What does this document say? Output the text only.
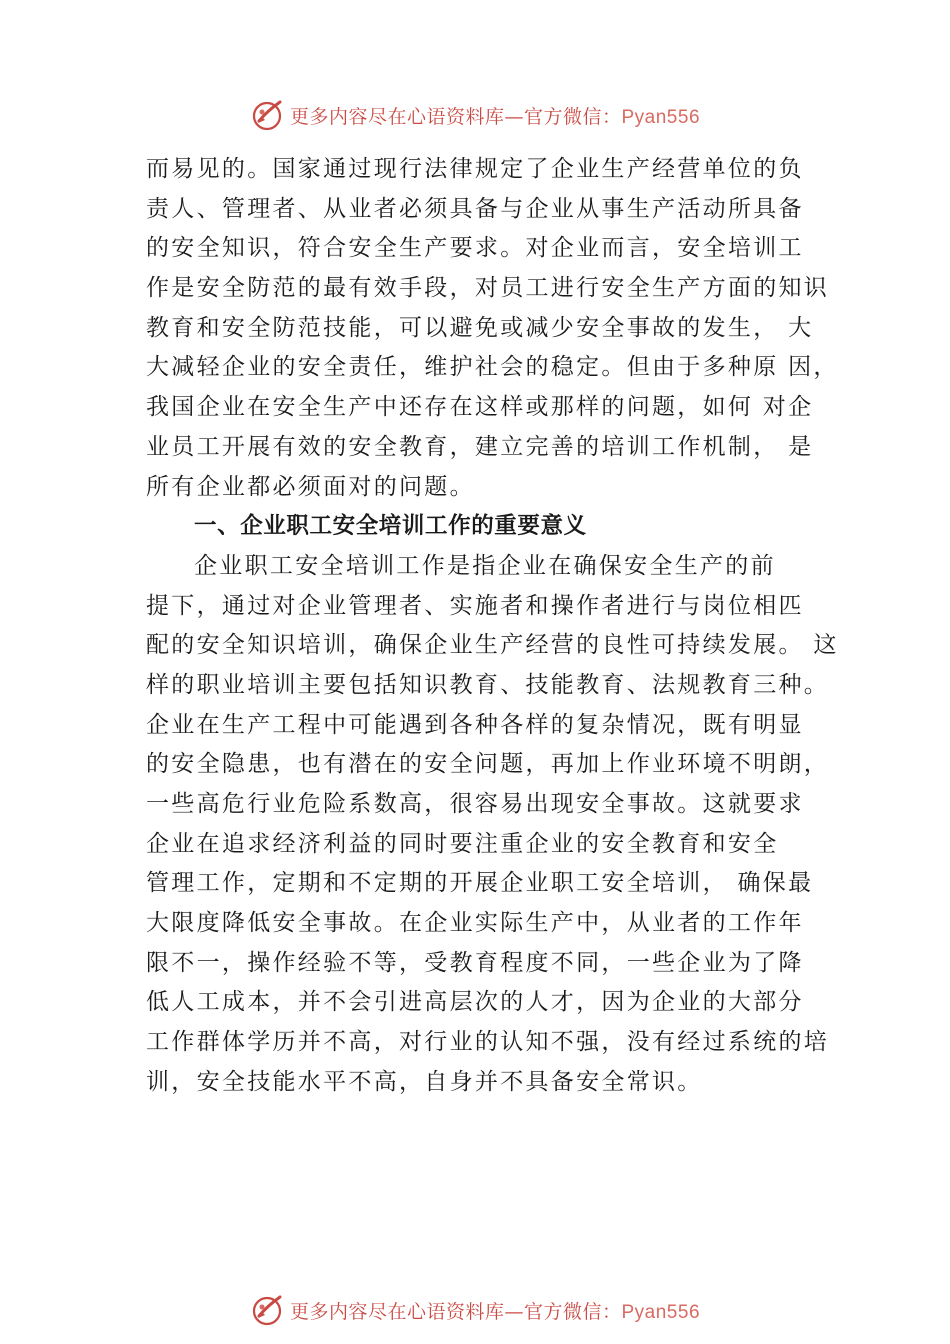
更多内容尽在心语资料库—官方微信：Pyan556
而易见的。国家通过现行法律规定了企业生产经营单位的负
责人、管理者、从业者必须具备与企业从事生产活动所具备
的安全知识，符合安全生产要求。对企业而言，安全培训工
作是安全防范的最有效手段，对员工进行安全生产方面的知识
教育和安全防范技能，可以避免或减少安全事故的发生， 大
大减轻企业的安全责任，维护社会的稳定。但由于多种原 因，
我国企业在安全生产中还存在这样或那样的问题，如何 对企
业员工开展有效的安全教育，建立完善的培训工作机制， 是
所有企业都必须面对的问题。
一、企业职工安全培训工作的重要意义
企业职工安全培训工作是指企业在确保安全生产的前
提下，通过对企业管理者、实施者和操作者进行与岗位相匹
配的安全知识培训，确保企业生产经营的良性可持续发展。 这
样的职业培训主要包括知识教育、技能教育、法规教育三种。
企业在生产工程中可能遇到各种各样的复杂情况，既有明显
的安全隐患，也有潜在的安全问题，再加上作业环境不明朗，
一些高危行业危险系数高，很容易出现安全事故。这就要求
企业在追求经济利益的同时要注重企业的安全教育和安全
管理工作，定期和不定期的开展企业职工安全培训， 确保最
大限度降低安全事故。在企业实际生产中，从业者的工作年
限不一，操作经验不等，受教育程度不同，一些企业为了降
低人工成本，并不会引进高层次的人才，因为企业的大部分
工作群体学历并不高，对行业的认知不强，没有经过系统的培
训，安全技能水平不高，自身并不具备安全常识。
更多内容尽在心语资料库—官方微信：Pyan556
